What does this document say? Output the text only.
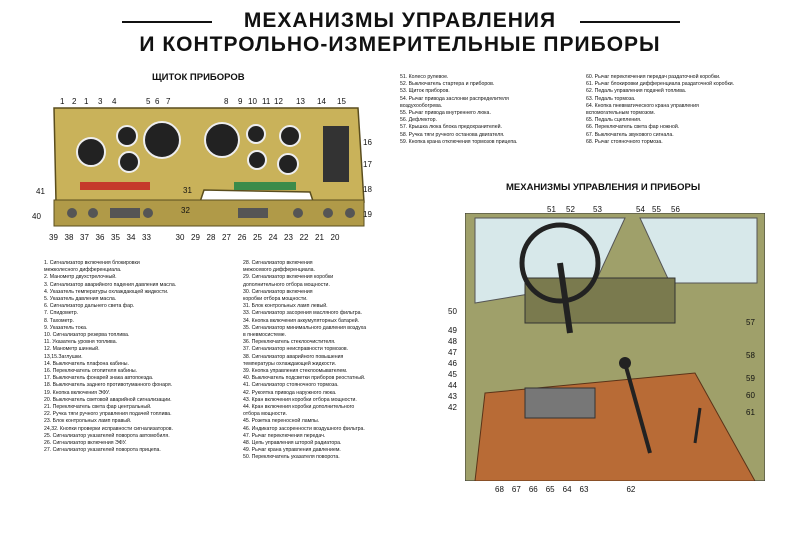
МЕХАНИЗМЫ УПРАВЛЕНИЯ
И КОНТРОЛЬНО-ИЗМЕРИТЕЛЬНЫЕ ПРИБОРЫ
ЩИТОК ПРИБОРОВ
МЕХАНИЗМЫ УПРАВЛЕНИЯ И ПРИБОРЫ
1 2 1 3 4	5 6 7	8 9 10 11 12 13 14 15
16
17
18
19
31
32
41
40
39 38 37 36 35 34 33	30 29 28 27 26 25 24 23 22 21 20
1. Сигнализатор включения блокировки
межколесного дифференциала.
2. Манометр двухстрелочный.
3. Сигнализатор аварийного падения давления масла.
4. Указатель температуры охлаждающей жидкости.
5. Указатель давления масла.
6. Сигнализатор дальнего света фар.
7. Спидометр.
8. Тахометр.
9. Указатель тока.
10. Сигнализатор резерва топлива.
11. Указатель уровня топлива.
12. Манометр шинный.
13,15.Заглушки.
14. Выключатель плафона кабины.
16. Переключатель отопителя кабины.
17. Выключатель фонарей знака автопоезда.
18. Выключатель заднего противотуманного фонаря.
19. Кнопка включения ЭФУ.
20. Выключатель световой аварийной сигнализации.
21. Переключатель света фар центральный.
22. Ручка тяги ручного управления подачей топлива.
23. Блок контрольных ламп правый.
24,32. Кнопки проверки исправности сигнализаторов.
25. Сигнализатор указателей поворота автомобиля.
26. Сигнализатор включения ЭФУ.
27. Сигнализатор указателей поворота прицепа.
28. Сигнализатор включения
межосевого дифференциала.
29. Сигнализатор включения коробки
дополнительного отбора мощности.
30. Сигнализатор включения
коробки отбора мощности.
31. Блок контрольных ламп левый.
33. Сигнализатор засорения масляного фильтра.
34. Кнопка включения аккумуляторных батарей.
35. Сигнализатор минимального давления воздуха
в пневмосистеме.
36. Переключатель стеклоочистителя.
37. Сигнализатор неисправности тормозов.
38. Сигнализатор аварийного повышения
температуры охлаждающей жидкости.
39. Кнопка управления стеклоомывателем.
40. Выключатель подсветки приборов реостатный.
41. Сигнализатор стояночного тормоза.
42. Рукоятка привода наружного люка.
43. Кран включения коробки отбора мощности.
44. Кран включения коробки дополнительного
отбора мощности.
45. Розетка переносной лампы.
46. Индикатор засоренности воздушного фильтра.
47. Рычаг переключения передач.
48. Цепь управления шторой радиатора.
49. Рычаг крана управления давлением.
50. Переключатель указателя поворота.
51. Колесо рулевое.
52. Выключатель стартера и приборов.
53. Щиток приборов.
54. Рычаг привода заслонки распределителя
воздухообогрева.
55. Рычаг привода внутреннего люка.
56. Дефлектор.
57. Крышка люка блока предохранителей.
58. Ручка тяги ручного останова двигателя.
59. Кнопка крана отключения тормозов прицепа.
60. Рычаг переключения передач раздаточной коробки.
61. Рычаг блокировки дифференциала раздаточной коробки.
62. Педаль управления подачей топлива.
63. Педаль тормоза.
64. Кнопка пневматического крана управления
вспомогательным тормозом.
65. Педаль сцепления.
66. Переключатель света фар ножной.
67. Выключатель звукового сигнала.
68. Рычаг стояночного тормоза.
51 52 53	54 55 56
50
49
48
47
46
45
44
43
42
57
58
59
60
61
68 67 66 65 64 63	62
